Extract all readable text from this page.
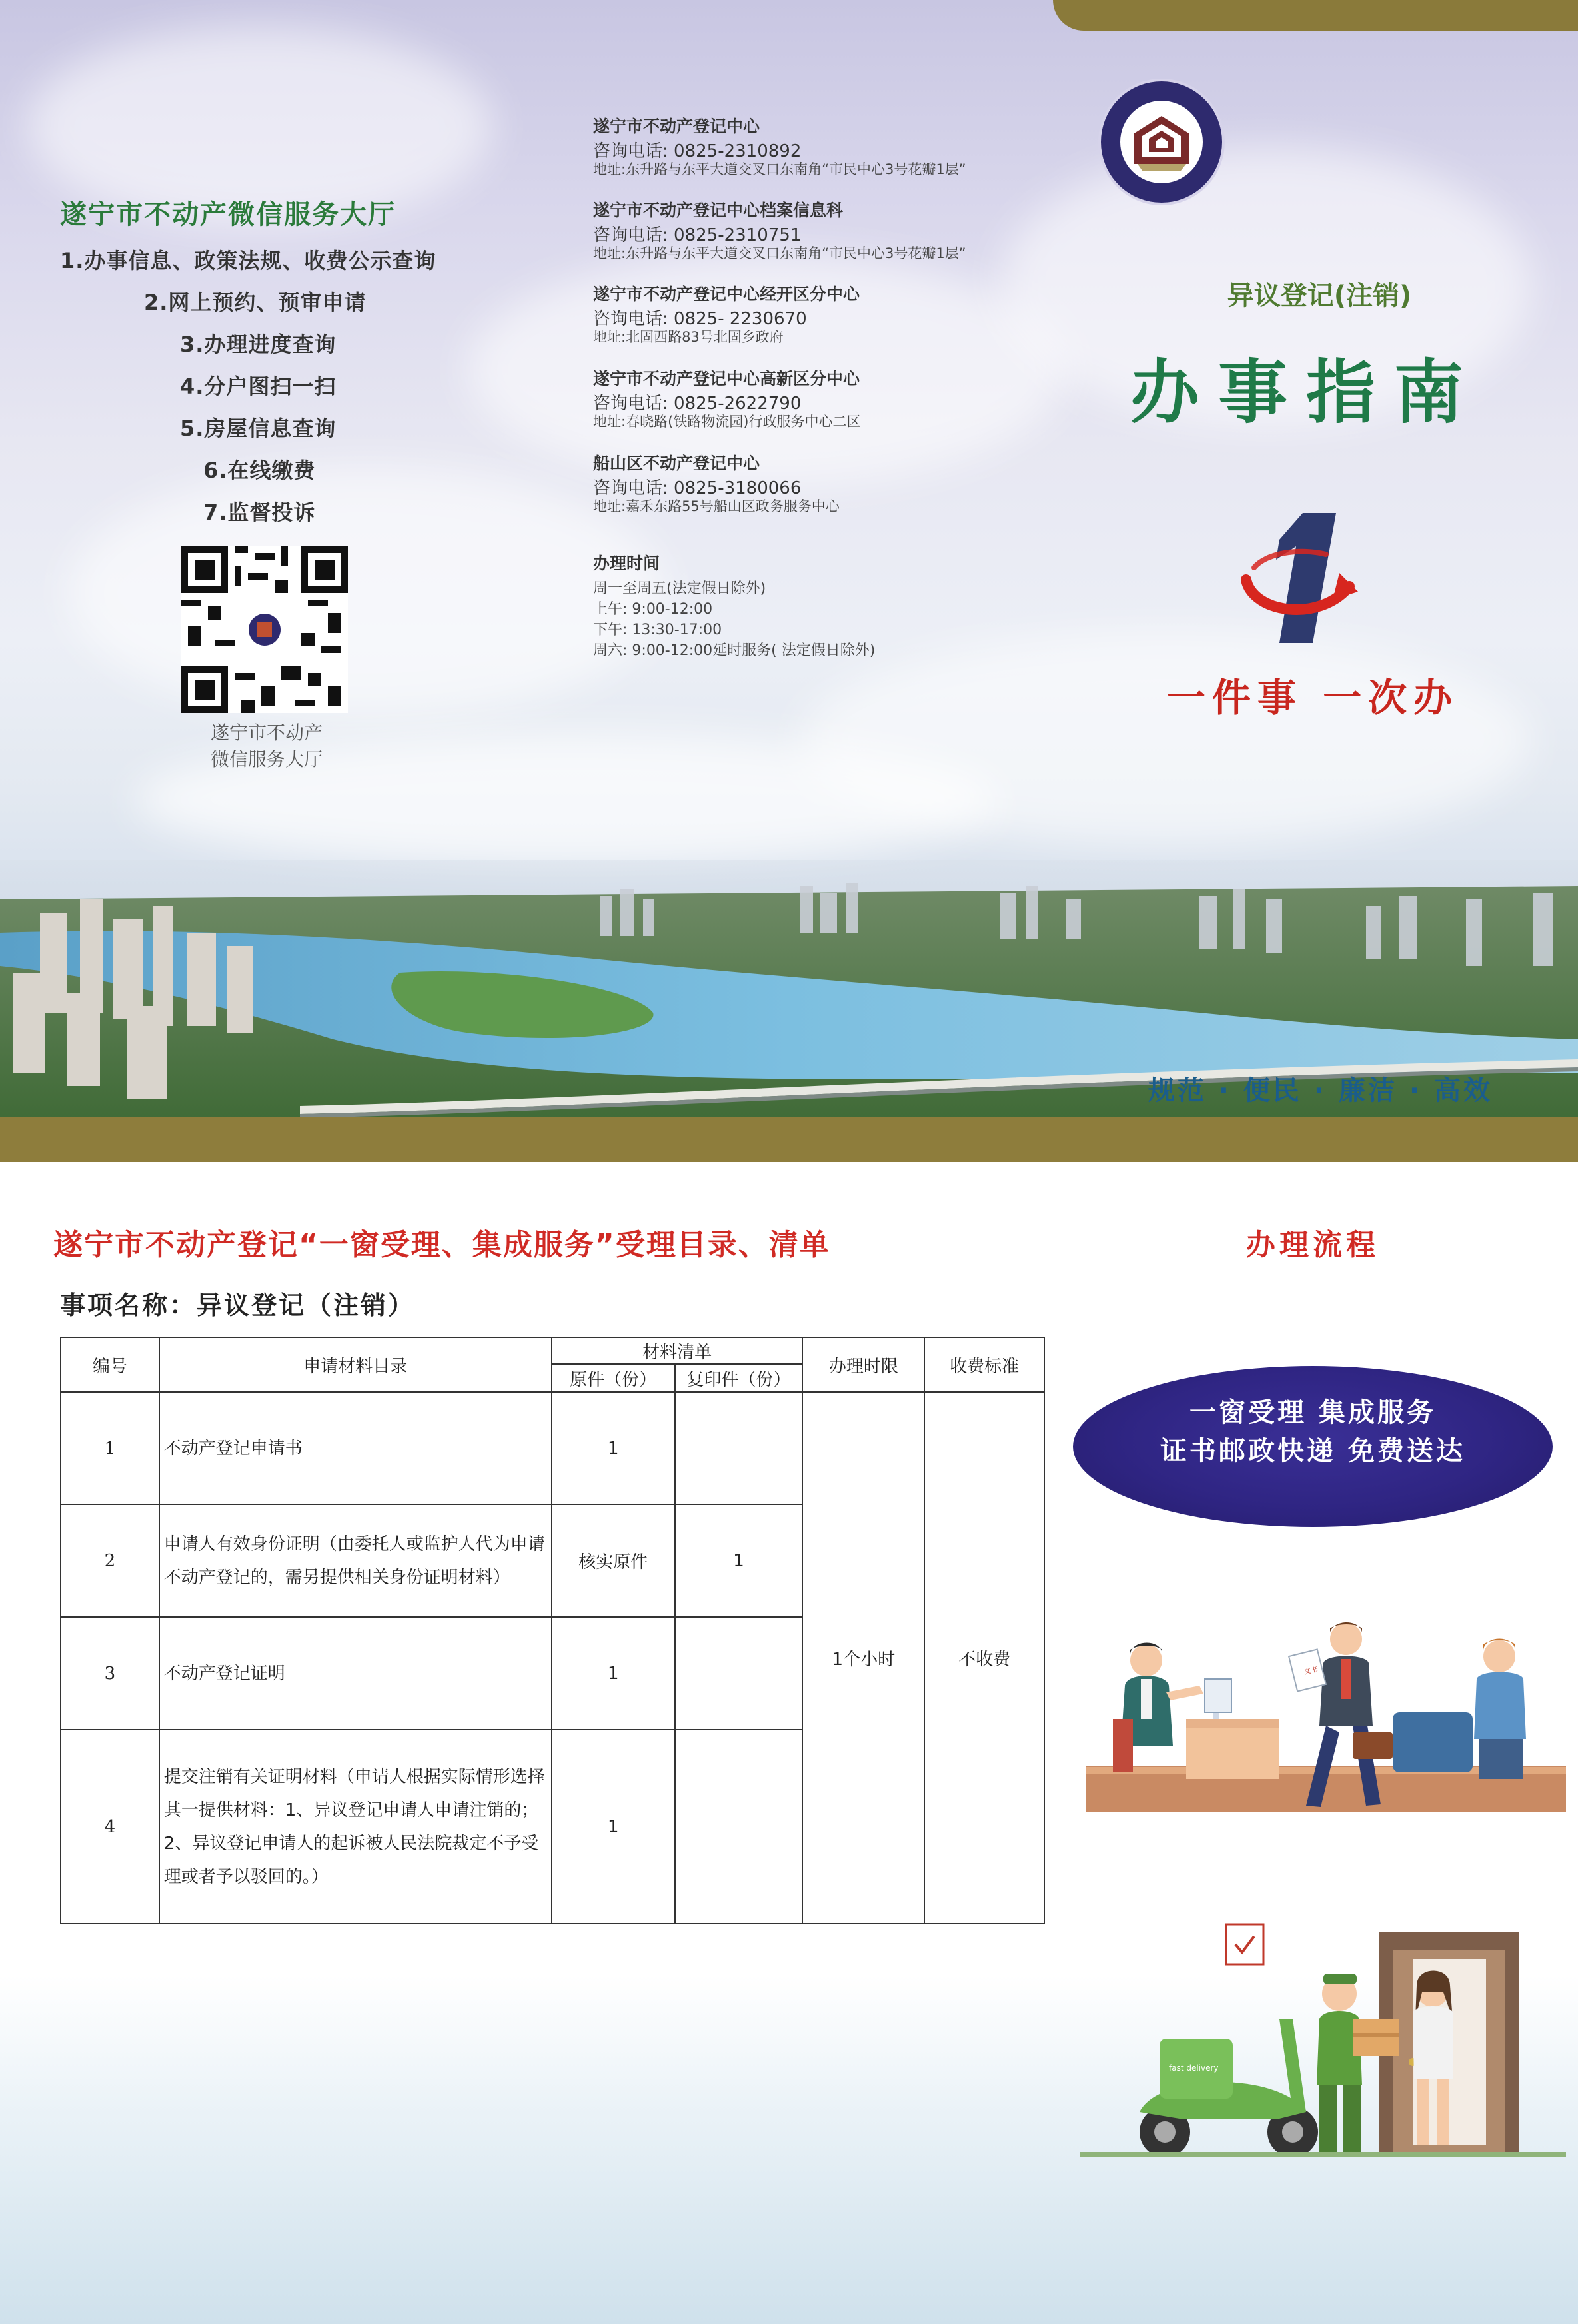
遂宁市不动产微信服务大厅
1.办事信息、政策法规、收费公示查询
2.网上预约、预审申请
3.办理进度查询
4.分户图扫一扫
5.房屋信息查询
6.在线缴费
7.监督投诉
遂宁市不动产
微信服务大厅
遂宁市不动产登记中心
咨询电话: 0825-2310892
地址:东升路与东平大道交叉口东南角“市民中心3号花瓣1层”
遂宁市不动产登记中心档案信息科
咨询电话: 0825-2310751
地址:东升路与东平大道交叉口东南角“市民中心3号花瓣1层”
遂宁市不动产登记中心经开区分中心
咨询电话: 0825- 2230670
地址:北固西路83号北固乡政府
遂宁市不动产登记中心高新区分中心
咨询电话: 0825-2622790
地址:春晓路(铁路物流园)行政服务中心二区
船山区不动产登记中心
咨询电话: 0825-3180066
地址:嘉禾东路55号船山区政务服务中心
办理时间
周一至周五(法定假日除外)
上午: 9:00-12:00
下午: 13:30-17:00
周六: 9:00-12:00延时服务( 法定假日除外)
异议登记(注销)
办事指南
一件事 一次办
规范 · 便民 · 廉洁 · 高效
遂宁市不动产登记“一窗受理、集成服务”受理目录、清单	办理流程
事项名称：异议登记（注销）
编号	申请材料目录	材料清单		办理时限	收费标准
		原件（份）	复印件（份）		
1	不动产登记申请书	1		1个小时	不收费
2	申请人有效身份证明（由委托人或监护人代为申请不动产登记的，需另提供相关身份证明材料）	核实原件	1		
3	不动产登记证明	1			
4	提交注销有关证明材料（申请人根据实际情形选择其一提供材料：1、异议登记申请人申请注销的；2、异议登记申请人的起诉被人民法院裁定不予受理或者予以驳回的。）	1			
一窗受理 集成服务
证书邮政快递 免费送达
文书
fast delivery
